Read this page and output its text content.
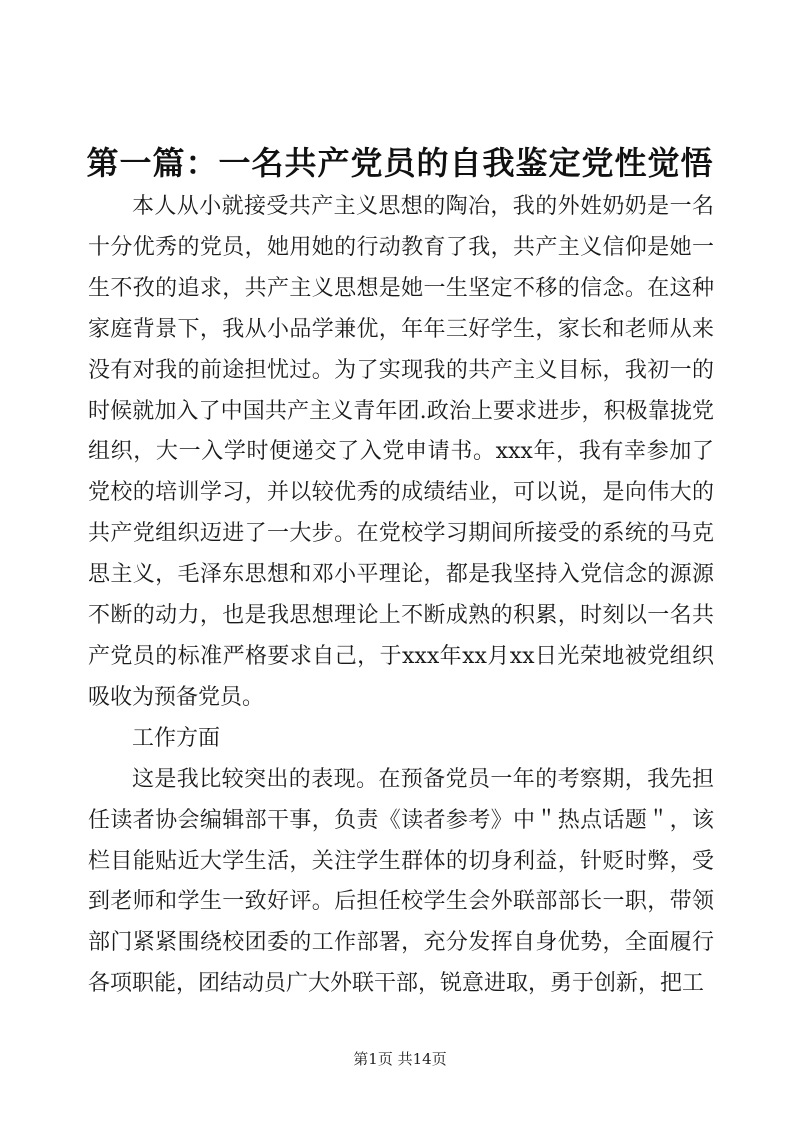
第一篇：一名共产党员的自我鉴定党性觉悟

本人从小就接受共产主义思想的陶冶，我的外姓奶奶是一名十分优秀的党员，她用她的行动教育了我，共产主义信仰是她一生不孜的追求，共产主义思想是她一生坚定不移的信念。在这种家庭背景下，我从小品学兼优，年年三好学生，家长和老师从来没有对我的前途担忧过。为了实现我的共产主义目标，我初一的时候就加入了中国共产主义青年团.政治上要求进步，积极靠拢党组织，大一入学时便递交了入党申请书。xxx年，我有幸参加了党校的培训学习，并以较优秀的成绩结业，可以说，是向伟大的共产党组织迈进了一大步。在党校学习期间所接受的系统的马克思主义，毛泽东思想和邓小平理论，都是我坚持入党信念的源源不断的动力，也是我思想理论上不断成熟的积累，时刻以一名共产党员的标准严格要求自己，于xxx年xx月xx日光荣地被党组织吸收为预备党员。

工作方面

这是我比较突出的表现。在预备党员一年的考察期，我先担任读者协会编辑部干事，负责《读者参考》中＂热点话题＂，该栏目能贴近大学生活，关注学生群体的切身利益，针贬时弊，受到老师和学生一致好评。后担任校学生会外联部部长一职，带领部门紧紧围绕校团委的工作部署，充分发挥自身优势，全面履行各项职能，团结动员广大外联干部，锐意进取，勇于创新，把工

第1页 共14页
